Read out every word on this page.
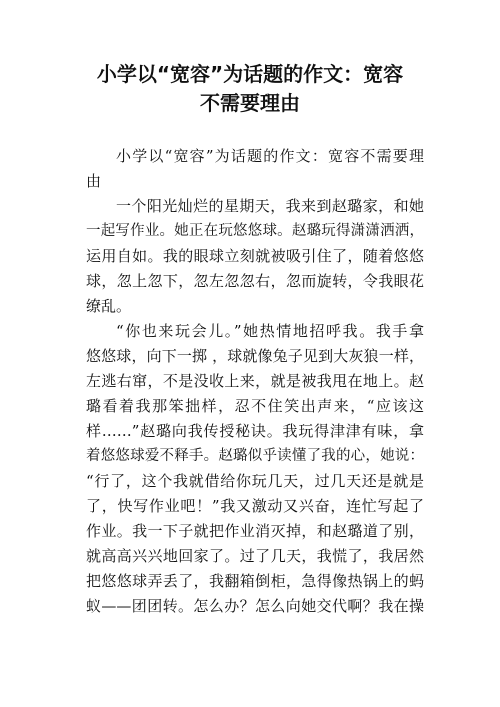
小学以“宽容”为话题的作文：宽容
不需要理由
小学以“宽容”为话题的作文：宽容不需要理
由
一个阳光灿烂的星期天，我来到赵璐家，和她
一起写作业。她正在玩悠悠球。赵璐玩得潇潇洒洒，
运用自如。我的眼球立刻就被吸引住了，随着悠悠
球，忽上忽下，忽左忽忽右，忽而旋转，令我眼花
缭乱。
“你也来玩会儿。”她热情地招呼我。我手拿
悠悠球，向下一掷 ，球就像兔子见到大灰狼一样，
左逃右窜，不是没收上来，就是被我甩在地上。赵
璐看着我那笨拙样，忍不住笑出声来，“应该这
样……”赵璐向我传授秘诀。我玩得津津有味，拿
着悠悠球爱不释手。赵璐似乎读懂了我的心，她说：
“行了，这个我就借给你玩几天，过几天还是就是
了，快写作业吧！”我又激动又兴奋，连忙写起了
作业。我一下子就把作业消灭掉，和赵璐道了别，
就高高兴兴地回家了。过了几天，我慌了，我居然
把悠悠球弄丢了，我翻箱倒柜，急得像热锅上的蚂
蚁——团团转。怎么办？怎么向她交代啊？我在操
